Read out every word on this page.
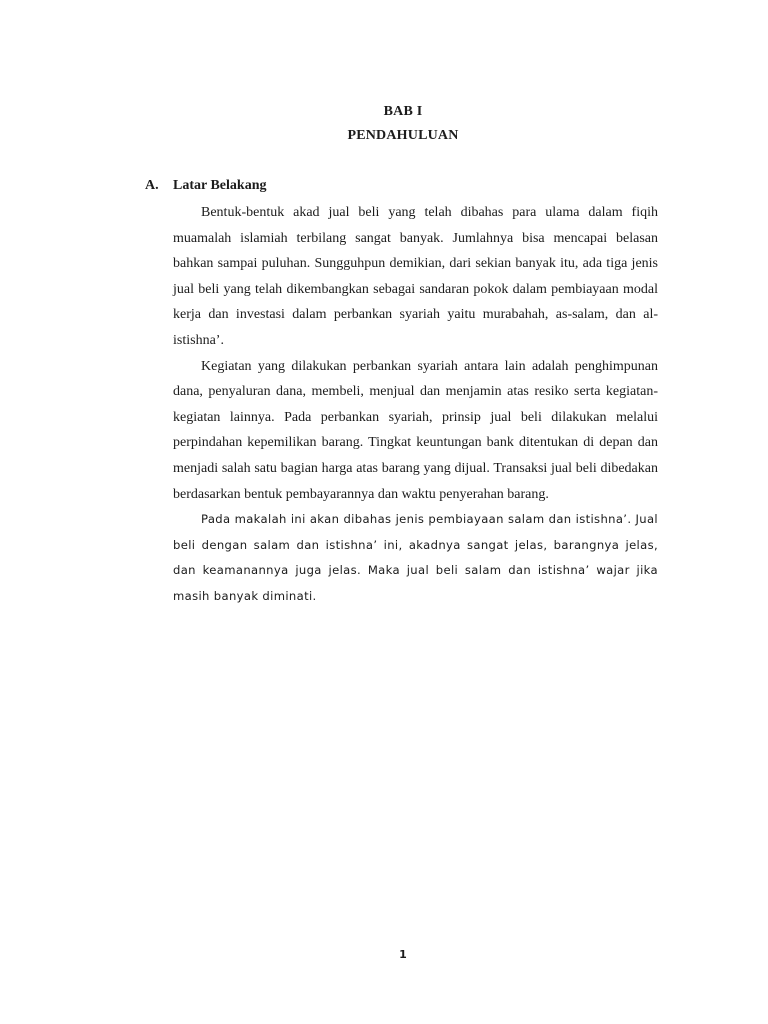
BAB I
PENDAHULUAN
A. Latar Belakang

Bentuk-bentuk akad jual beli yang telah dibahas para ulama dalam fiqih muamalah islamiah terbilang sangat banyak. Jumlahnya bisa mencapai belasan bahkan sampai puluhan. Sungguhpun demikian, dari sekian banyak itu, ada tiga jenis jual beli yang telah dikembangkan sebagai sandaran pokok dalam pembiayaan modal kerja dan investasi dalam perbankan syariah yaitu murabahah, as-salam, dan al-istishna’.

Kegiatan yang dilakukan perbankan syariah antara lain adalah penghimpunan dana, penyaluran dana, membeli, menjual dan menjamin atas resiko serta kegiatan-kegiatan lainnya. Pada perbankan syariah, prinsip jual beli dilakukan melalui perpindahan kepemilikan barang. Tingkat keuntungan bank ditentukan di depan dan menjadi salah satu bagian harga atas barang yang dijual. Transaksi jual beli dibedakan berdasarkan bentuk pembayarannya dan waktu penyerahan barang.

Pada makalah ini akan dibahas jenis pembiayaan salam dan istishna’. Jual beli dengan salam dan istishna’ ini, akadnya sangat jelas, barangnya jelas, dan keamanannya juga jelas. Maka jual beli salam dan istishna’ wajar jika masih banyak diminati.

1
